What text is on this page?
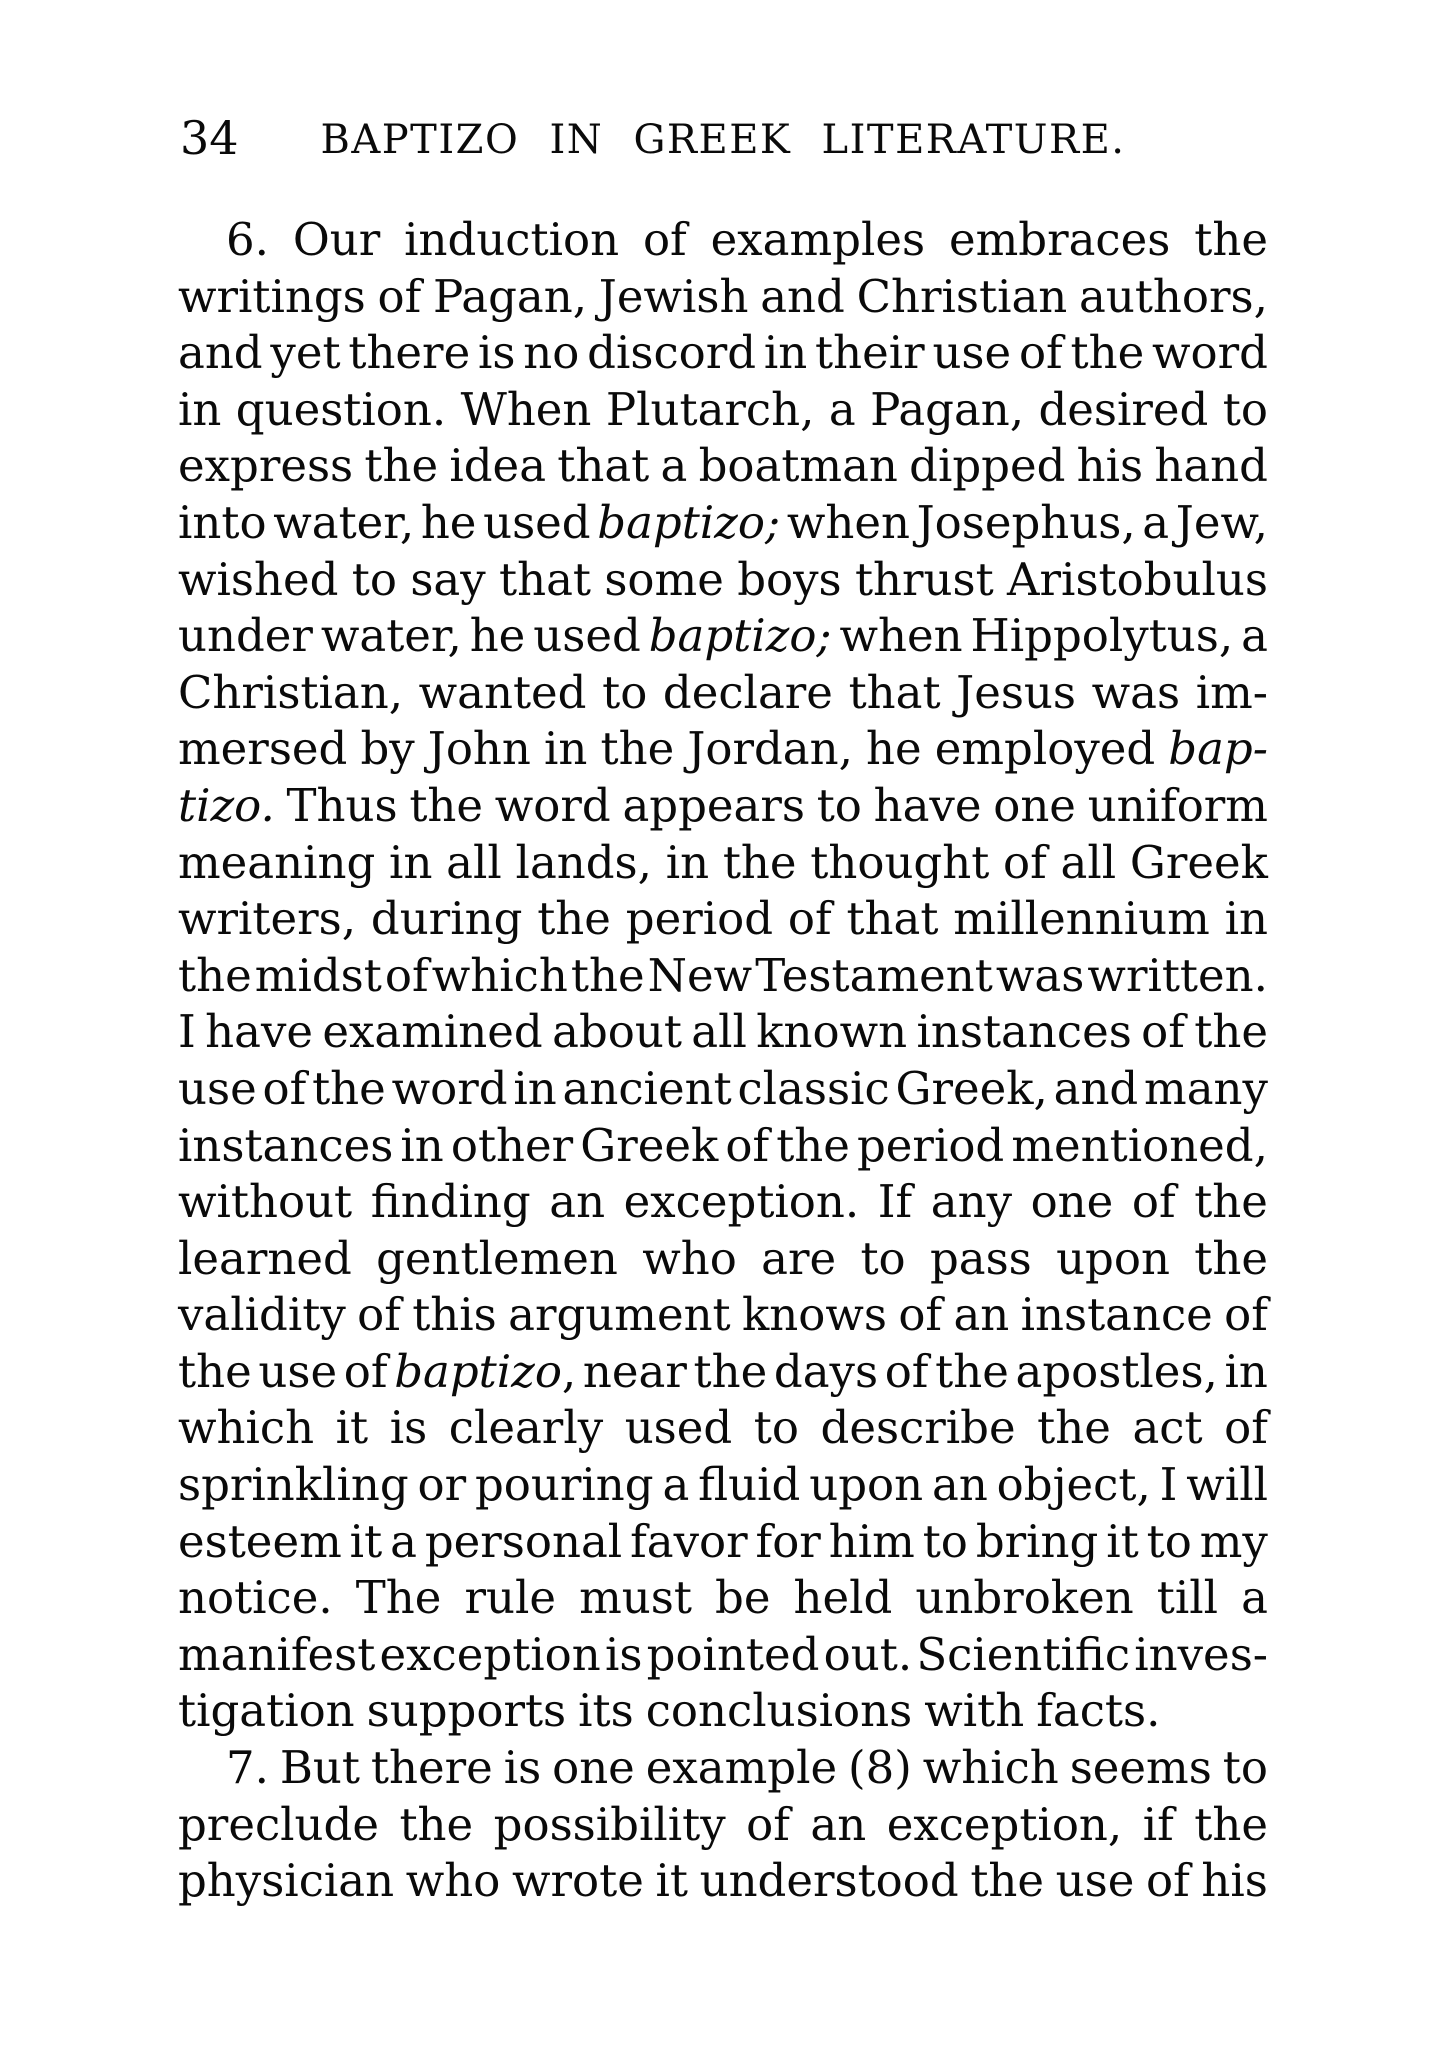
34	BAPTIZO IN GREEK LITERATURE.
6. Our induction of examples embraces the
writings of Pagan, Jewish and Christian authors,
and yet there is no discord in their use of the word
in question. When Plutarch, a Pagan, desired to
express the idea that a boatman dipped his hand
into water, he used baptizo; when Josephus, a Jew,
wished to say that some boys thrust Aristobulus
under water, he used baptizo; when Hippolytus, a
Christian, wanted to declare that Jesus was im-
mersed by John in the Jordan, he employed bap-
tizo. Thus the word appears to have one uniform
meaning in all lands, in the thought of all Greek
writers, during the period of that millennium in
the midst of which the New Testament was written.
I have examined about all known instances of the
use of the word in ancient classic Greek, and many
instances in other Greek of the period mentioned,
without finding an exception. If any one of the
learned gentlemen who are to pass upon the
validity of this argument knows of an instance of
the use of baptizo, near the days of the apostles, in
which it is clearly used to describe the act of
sprinkling or pouring a fluid upon an object, I will
esteem it a personal favor for him to bring it to my
notice. The rule must be held unbroken till a
manifest exception is pointed out. Scientific inves-
tigation supports its conclusions with facts.
7. But there is one example (8) which seems to
preclude the possibility of an exception, if the
physician who wrote it understood the use of his
